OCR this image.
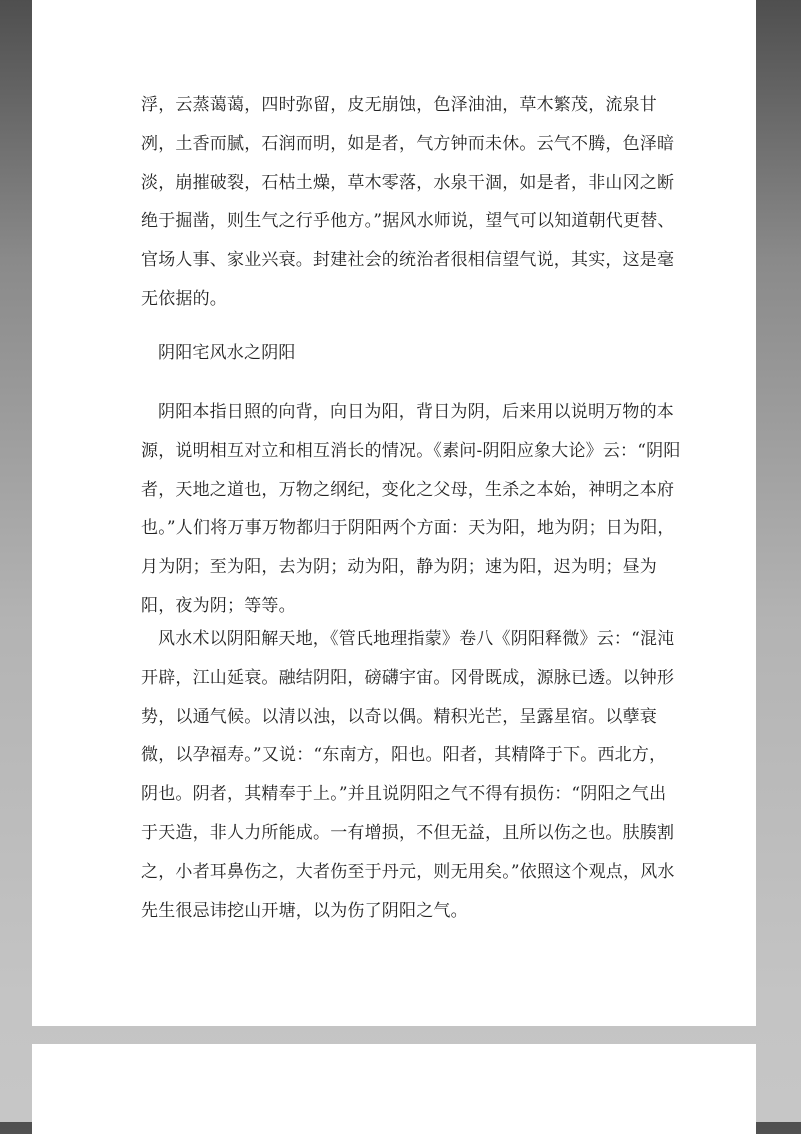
浮，云蒸蔼蔼，四时弥留，皮无崩蚀，色泽油油，草木繁茂，流泉甘冽，土香而腻，石润而明，如是者，气方钟而未休。云气不腾，色泽暗淡，崩摧破裂，石枯土燥，草木零落，水泉干涸，如是者，非山冈之断绝于掘凿，则生气之行乎他方。”据风水师说，望气可以知道朝代更替、官场人事、家业兴衰。封建社会的统治者很相信望气说，其实，这是毫无依据的。

阴阳宅风水之阴阳

阴阳本指日照的向背，向日为阳，背日为阴，后来用以说明万物的本源，说明相互对立和相互消长的情况。《素问-阴阳应象大论》云：“阴阳者，天地之道也，万物之纲纪，变化之父母，生杀之本始，神明之本府也。”人们将万事万物都归于阴阳两个方面：天为阳，地为阴；日为阳，月为阴；至为阳，去为阴；动为阳，静为阴；速为阳，迟为明；昼为阳，夜为阴；等等。

风水术以阴阳解天地，《管氏地理指蒙》卷八《阴阳释微》云：“混沌开辟，江山延衰。融结阴阳，磅礴宇宙。冈骨既成，源脉已透。以钟形势，以通气候。以清以浊，以奇以偶。精积光芒，呈露星宿。以孽衰微，以孕福寿。”又说：“东南方，阳也。阳者，其精降于下。西北方，阴也。阴者，其精奉于上。”并且说阴阳之气不得有损伤：“阴阳之气出于天造，非人力所能成。一有增损，不但无益，且所以伤之也。肤腠割之，小者耳鼻伤之，大者伤至于丹元，则无用矣。”依照这个观点，风水先生很忌讳挖山开塘，以为伤了阴阳之气。
